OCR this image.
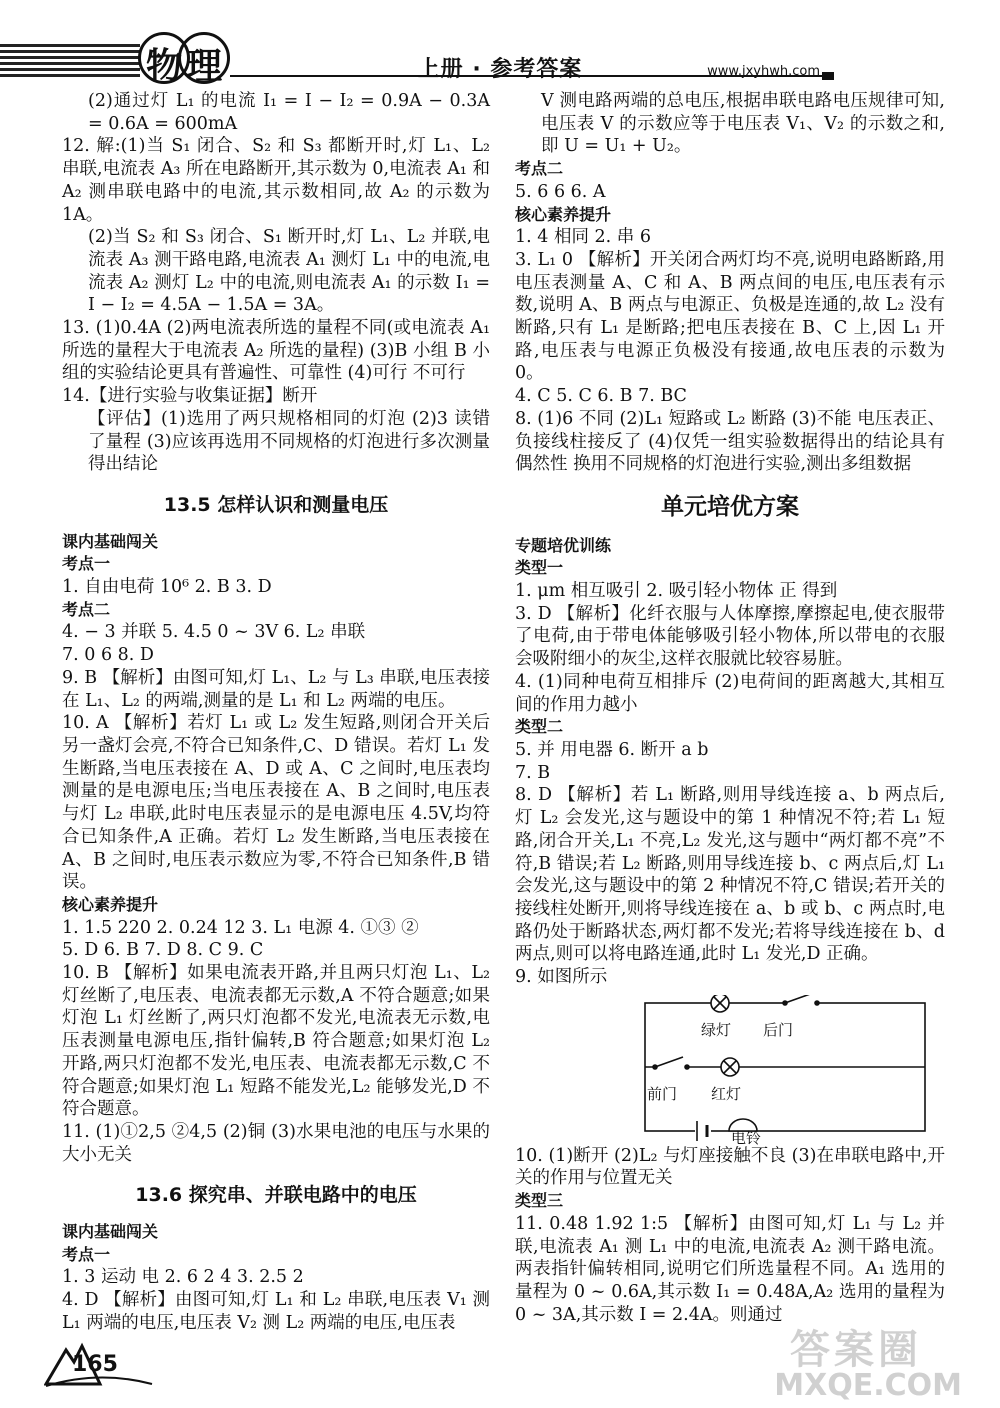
物 理	上册 · 参考答案	www.jxyhwh.com
(2)通过灯 L₁ 的电流 I₁ = I − I₂ = 0.9A − 0.3A = 0.6A = 600mA
12. 解:(1)当 S₁ 闭合、S₂ 和 S₃ 都断开时,灯 L₁、L₂ 串联,电流表 A₃ 所在电路断开,其示数为 0,电流表 A₁ 和 A₂ 测串联电路中的电流,其示数相同,故 A₂ 的示数为 1A。
(2)当 S₂ 和 S₃ 闭合、S₁ 断开时,灯 L₁、L₂ 并联,电流表 A₃ 测干路电路,电流表 A₁ 测灯 L₁ 中的电流,电流表 A₂ 测灯 L₂ 中的电流,则电流表 A₁ 的示数 I₁ = I − I₂ = 4.5A − 1.5A = 3A。
13. (1)0.4A (2)两电流表所选的量程不同(或电流表 A₁ 所选的量程大于电流表 A₂ 所选的量程) (3)B 小组 B 小组的实验结论更具有普遍性、可靠性 (4)可行 不可行
14.【进行实验与收集证据】断开
【评估】(1)选用了两只规格相同的灯泡 (2)3 读错了量程 (3)应该再选用不同规格的灯泡进行多次测量得出结论
13.5 怎样认识和测量电压
课内基础闯关
考点一
1. 自由电荷 10⁶ 2. B 3. D
考点二
4. − 3 并联 5. 4.5 0 ~ 3V 6. L₂ 串联
7. 0 6 8. D
9. B 【解析】由图可知,灯 L₁、L₂ 与 L₃ 串联,电压表接在 L₁、L₂ 的两端,测量的是 L₁ 和 L₂ 两端的电压。
10. A 【解析】若灯 L₁ 或 L₂ 发生短路,则闭合开关后另一盏灯会亮,不符合已知条件,C、D 错误。若灯 L₁ 发生断路,当电压表接在 A、D 或 A、C 之间时,电压表均测量的是电源电压;当电压表接在 A、B 之间时,电压表与灯 L₂ 串联,此时电压表显示的是电源电压 4.5V,均符合已知条件,A 正确。若灯 L₂ 发生断路,当电压表接在 A、B 之间时,电压表示数应为零,不符合已知条件,B 错误。
核心素养提升
1. 1.5 220 2. 0.24 12 3. L₁ 电源 4. ①③ ②
5. D 6. B 7. D 8. C 9. C
10. B 【解析】如果电流表开路,并且两只灯泡 L₁、L₂ 灯丝断了,电压表、电流表都无示数,A 不符合题意;如果灯泡 L₁ 灯丝断了,两只灯泡都不发光,电流表无示数,电压表测量电源电压,指针偏转,B 符合题意;如果灯泡 L₂ 开路,两只灯泡都不发光,电压表、电流表都无示数,C 不符合题意;如果灯泡 L₁ 短路不能发光,L₂ 能够发光,D 不符合题意。
11. (1)①2,5 ②4,5 (2)铜 (3)水果电池的电压与水果的大小无关
13.6 探究串、并联电路中的电压
课内基础闯关
考点一
1. 3 运动 电 2. 6 2 4 3. 2.5 2
4. D 【解析】由图可知,灯 L₁ 和 L₂ 串联,电压表 V₁ 测 L₁ 两端的电压,电压表 V₂ 测 L₂ 两端的电压,电压表
V 测电路两端的总电压,根据串联电路电压规律可知,电压表 V 的示数应等于电压表 V₁、V₂ 的示数之和,即 U = U₁ + U₂。
考点二
5. 6 6 6. A
核心素养提升
1. 4 相同 2. 串 6
3. L₁ 0 【解析】开关闭合两灯均不亮,说明电路断路,用电压表测量 A、C 和 A、B 两点间的电压,电压表有示数,说明 A、B 两点与电源正、负极是连通的,故 L₂ 没有断路,只有 L₁ 是断路;把电压表接在 B、C 上,因 L₁ 开路,电压表与电源正负极没有接通,故电压表的示数为 0。
4. C 5. C 6. B 7. BC
8. (1)6 不同 (2)L₁ 短路或 L₂ 断路 (3)不能 电压表正、负接线柱接反了 (4)仅凭一组实验数据得出的结论具有偶然性 换用不同规格的灯泡进行实验,测出多组数据
单元培优方案
专题培优训练
类型一
1. μm 相互吸引 2. 吸引轻小物体 正 得到
3. D 【解析】化纤衣服与人体摩擦,摩擦起电,使衣服带了电荷,由于带电体能够吸引轻小物体,所以带电的衣服会吸附细小的灰尘,这样衣服就比较容易脏。
4. (1)同种电荷互相排斥 (2)电荷间的距离越大,其相互间的作用力越小
类型二
5. 并 用电器 6. 断开 a b
7. B
8. D 【解析】若 L₁ 断路,则用导线连接 a、b 两点后,灯 L₂ 会发光,这与题设中的第 1 种情况不符;若 L₁ 短路,闭合开关,L₁ 不亮,L₂ 发光,这与题中“两灯都不亮”不符,B 错误;若 L₂ 断路,则用导线连接 b、c 两点后,灯 L₁ 会发光,这与题设中的第 2 种情况不符,C 错误;若开关的接线柱处断开,则将导线连接在 a、b 或 b、c 两点时,电路仍处于断路状态,两灯都不发光;若将导线连接在 b、d 两点,则可以将电路连通,此时 L₁ 发光,D 正确。
9. 如图所示
绿灯 后门
前门 红灯
电铃
10. (1)断开 (2)L₂ 与灯座接触不良 (3)在串联电路中,开关的作用与位置无关
类型三
11. 0.48 1.92 1:5 【解析】由图可知,灯 L₁ 与 L₂ 并联,电流表 A₁ 测 L₁ 中的电流,电流表 A₂ 测干路电流。两表指针偏转相同,说明它们所选量程不同。A₁ 选用的量程为 0 ~ 0.6A,其示数 I₁ = 0.48A,A₂ 选用的量程为 0 ~ 3A,其示数 I = 2.4A。则通过
165	答案圈
MXQE.COM
